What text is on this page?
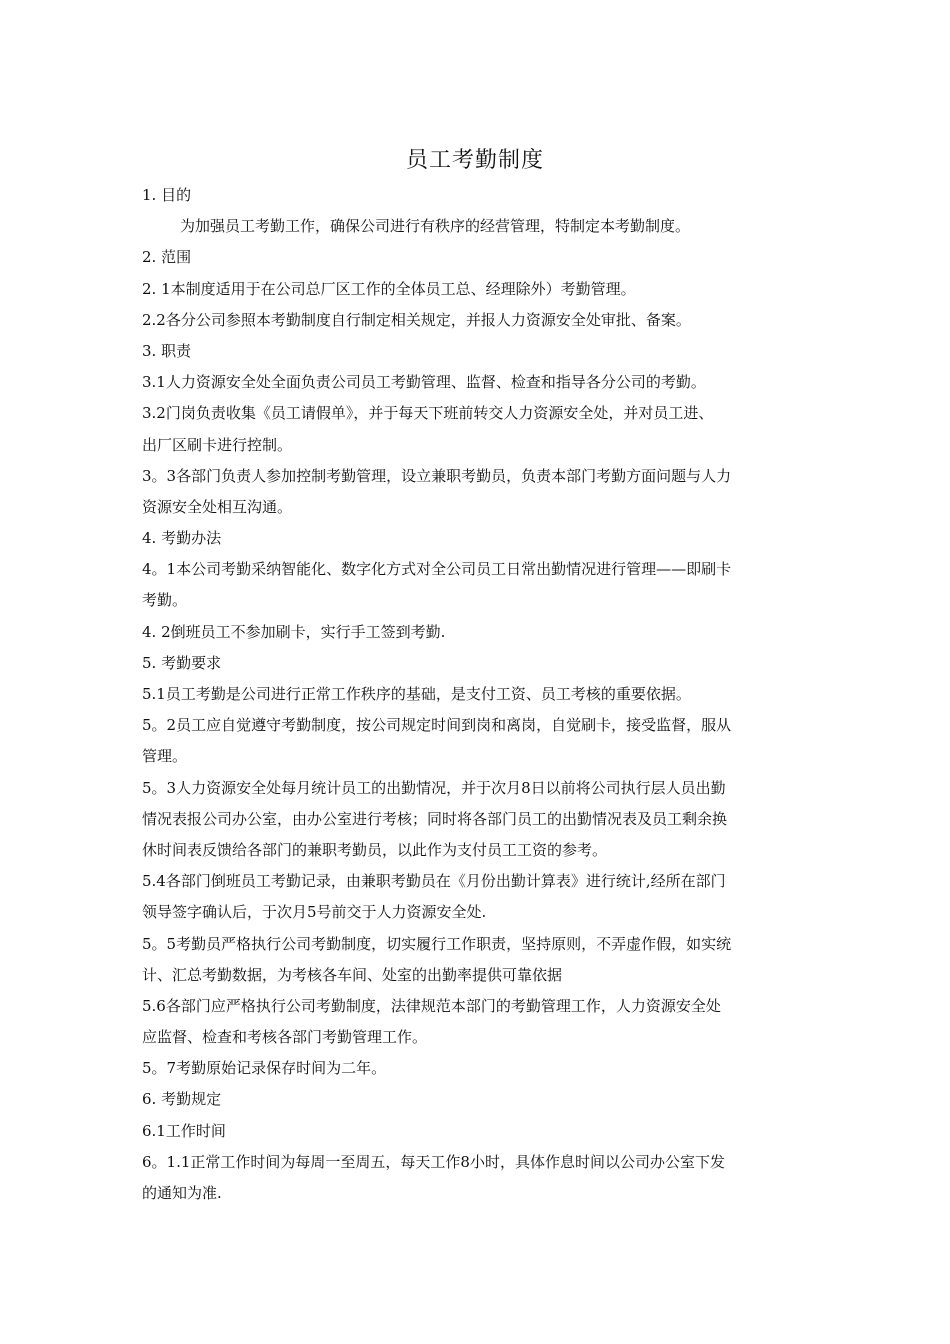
员工考勤制度
1. 目的
为加强员工考勤工作，确保公司进行有秩序的经营管理，特制定本考勤制度。
2. 范围
2. 1本制度适用于在公司总厂区工作的全体员工总、经理除外）考勤管理。
2.2各分公司参照本考勤制度自行制定相关规定，并报人力资源安全处审批、备案。
3. 职责
3.1人力资源安全处全面负责公司员工考勤管理、监督、检查和指导各分公司的考勤。
3.2门岗负责收集《员工请假单》，并于每天下班前转交人力资源安全处，并对员工进、
出厂区刷卡进行控制。
3。3各部门负责人参加控制考勤管理，设立兼职考勤员，负责本部门考勤方面问题与人力
资源安全处相互沟通。
4. 考勤办法
4。1本公司考勤采纳智能化、数字化方式对全公司员工日常出勤情况进行管理——即刷卡
考勤。
4. 2倒班员工不参加刷卡，实行手工签到考勤.
5. 考勤要求
5.1员工考勤是公司进行正常工作秩序的基础，是支付工资、员工考核的重要依据。
5。2员工应自觉遵守考勤制度，按公司规定时间到岗和离岗，自觉刷卡，接受监督，服从
管理。
5。3人力资源安全处每月统计员工的出勤情况，并于次月8日以前将公司执行层人员出勤
情况表报公司办公室，由办公室进行考核；同时将各部门员工的出勤情况表及员工剩余换
休时间表反馈给各部门的兼职考勤员，以此作为支付员工工资的参考。
5.4各部门倒班员工考勤记录，由兼职考勤员在《月份出勤计算表》进行统计,经所在部门
领导签字确认后，于次月5号前交于人力资源安全处.
5。5考勤员严格执行公司考勤制度，切实履行工作职责，坚持原则，不弄虚作假，如实统
计、汇总考勤数据，为考核各车间、处室的出勤率提供可靠依据
5.6各部门应严格执行公司考勤制度，法律规范本部门的考勤管理工作，人力资源安全处
应监督、检查和考核各部门考勤管理工作。
5。7考勤原始记录保存时间为二年。
6. 考勤规定
6.1工作时间
6。1.1正常工作时间为每周一至周五，每天工作8小时，具体作息时间以公司办公室下发
的通知为准.
